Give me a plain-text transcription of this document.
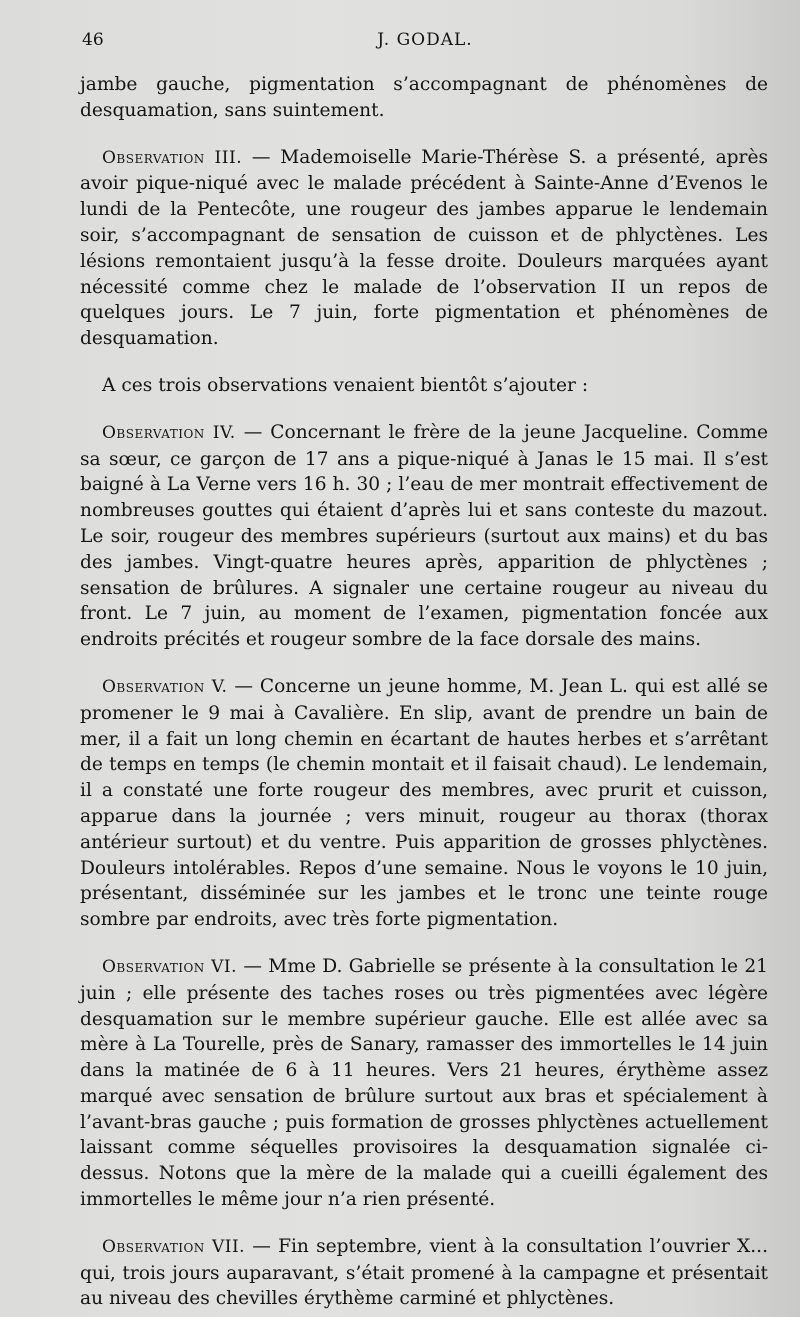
46	J. GODAL.

jambe gauche, pigmentation s’accompagnant de phénomènes de desquamation, sans suintement.

Observation III. — Mademoiselle Marie-Thérèse S. a présenté, après avoir pique-niqué avec le malade précédent à Sainte-Anne d’Evenos le lundi de la Pentecôte, une rougeur des jambes apparue le lendemain soir, s’accompagnant de sensation de cuisson et de phlyctènes. Les lésions remontaient jusqu’à la fesse droite. Douleurs marquées ayant nécessité comme chez le malade de l’observation II un repos de quelques jours. Le 7 juin, forte pigmentation et phénomènes de desquamation.

A ces trois observations venaient bientôt s’ajouter :

Observation IV. — Concernant le frère de la jeune Jacqueline. Comme sa sœur, ce garçon de 17 ans a pique-niqué à Janas le 15 mai. Il s’est baigné à La Verne vers 16 h. 30 ; l’eau de mer montrait effectivement de nombreuses gouttes qui étaient d’après lui et sans conteste du mazout. Le soir, rougeur des membres supérieurs (surtout aux mains) et du bas des jambes. Vingt-quatre heures après, apparition de phlyctènes ; sensation de brûlures. A signaler une certaine rougeur au niveau du front. Le 7 juin, au moment de l’examen, pigmentation foncée aux endroits précités et rougeur sombre de la face dorsale des mains.

Observation V. — Concerne un jeune homme, M. Jean L. qui est allé se promener le 9 mai à Cavalière. En slip, avant de prendre un bain de mer, il a fait un long chemin en écartant de hautes herbes et s’arrêtant de temps en temps (le chemin montait et il faisait chaud). Le lendemain, il a constaté une forte rougeur des membres, avec prurit et cuisson, apparue dans la journée ; vers minuit, rougeur au thorax (thorax antérieur surtout) et du ventre. Puis apparition de grosses phlyctènes. Douleurs intolérables. Repos d’une semaine. Nous le voyons le 10 juin, présentant, disséminée sur les jambes et le tronc une teinte rouge sombre par endroits, avec très forte pigmentation.

Observation VI. — Mme D. Gabrielle se présente à la consultation le 21 juin ; elle présente des taches roses ou très pigmentées avec légère desquamation sur le membre supérieur gauche. Elle est allée avec sa mère à La Tourelle, près de Sanary, ramasser des immortelles le 14 juin dans la matinée de 6 à 11 heures. Vers 21 heures, érythème assez marqué avec sensation de brûlure surtout aux bras et spécialement à l’avant-bras gauche ; puis formation de grosses phlyctènes actuellement laissant comme séquelles provisoires la desquamation signalée ci-dessus. Notons que la mère de la malade qui a cueilli également des immortelles le même jour n’a rien présenté.

Observation VII. — Fin septembre, vient à la consultation l’ouvrier X... qui, trois jours auparavant, s’était promené à la campagne et présentait au niveau des chevilles érythème carminé et phlyctènes.
